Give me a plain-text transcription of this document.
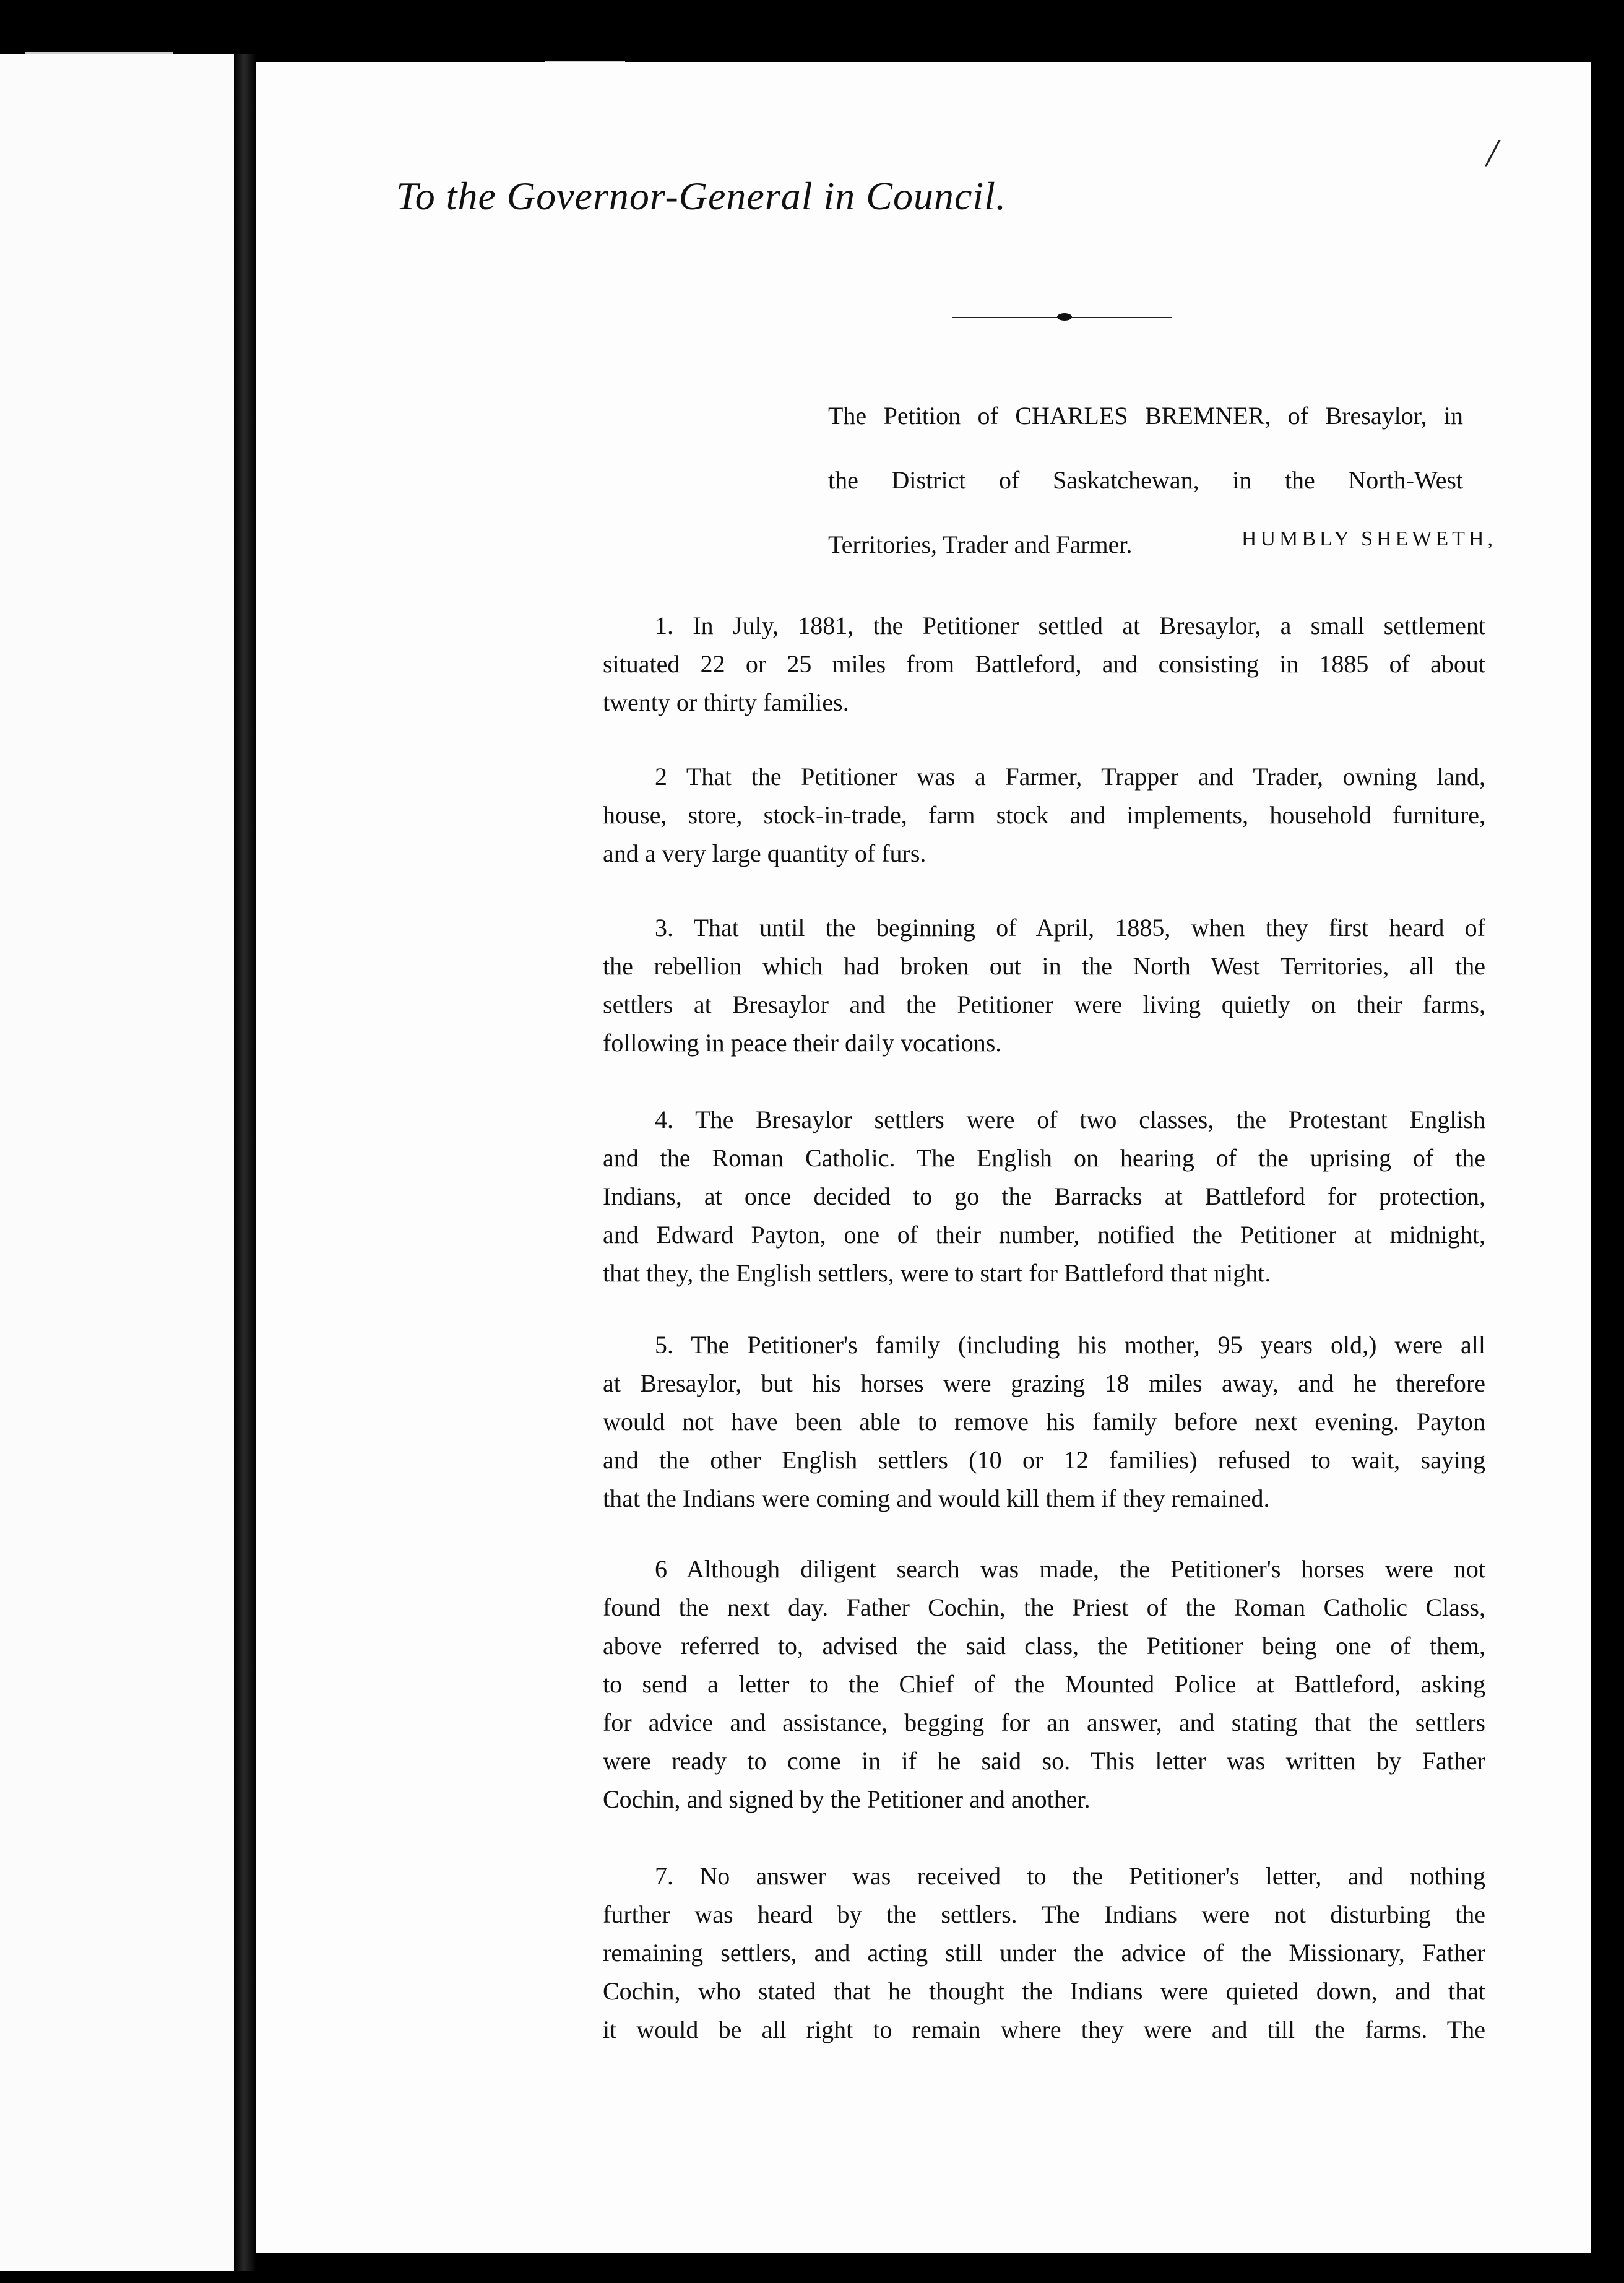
/
To the Governor-General in Council.
The Petition of CHARLES BREMNER, of Bresaylor, in
the District of Saskatchewan, in the North-West
Territories, Trader and Farmer.	HUMBLY SHEWETH,
1. In July, 1881, the Petitioner settled at Bresaylor, a small settlement
situated 22 or 25 miles from Battleford, and consisting in 1885 of about
twenty or thirty families.
2 That the Petitioner was a Farmer, Trapper and Trader, owning land,
house, store, stock-in-trade, farm stock and implements, household furniture,
and a very large quantity of furs.
3. That until the beginning of April, 1885, when they first heard of
the rebellion which had broken out in the North West Territories, all the
settlers at Bresaylor and the Petitioner were living quietly on their farms,
following in peace their daily vocations.
4. The Bresaylor settlers were of two classes, the Protestant English
and the Roman Catholic. The English on hearing of the uprising of the
Indians, at once decided to go the Barracks at Battleford for protection,
and Edward Payton, one of their number, notified the Petitioner at midnight,
that they, the English settlers, were to start for Battleford that night.
5. The Petitioner's family (including his mother, 95 years old,) were all
at Bresaylor, but his horses were grazing 18 miles away, and he therefore
would not have been able to remove his family before next evening. Payton
and the other English settlers (10 or 12 families) refused to wait, saying
that the Indians were coming and would kill them if they remained.
6 Although diligent search was made, the Petitioner's horses were not
found the next day. Father Cochin, the Priest of the Roman Catholic Class,
above referred to, advised the said class, the Petitioner being one of them,
to send a letter to the Chief of the Mounted Police at Battleford, asking
for advice and assistance, begging for an answer, and stating that the settlers
were ready to come in if he said so. This letter was written by Father
Cochin, and signed by the Petitioner and another.
7. No answer was received to the Petitioner's letter, and nothing
further was heard by the settlers. The Indians were not disturbing the
remaining settlers, and acting still under the advice of the Missionary, Father
Cochin, who stated that he thought the Indians were quieted down, and that
it would be all right to remain where they were and till the farms. The
